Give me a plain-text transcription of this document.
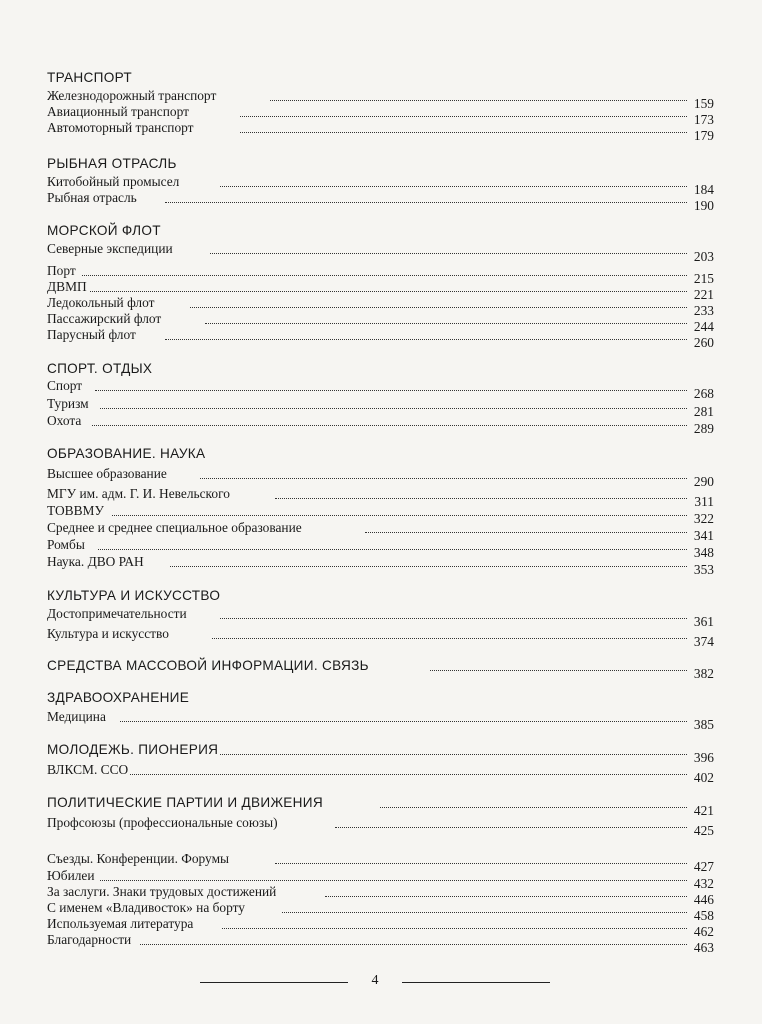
ТРАНСПОРТ
Железнодорожный транспорт
159
Авиационный транспорт
173
Автомоторный транспорт
179
РЫБНАЯ ОТРАСЛЬ
Китобойный промысел
184
Рыбная отрасль
190
МОРСКОЙ ФЛОТ
Северные экспедиции
203
Порт
215
ДВМП
221
Ледокольный флот
233
Пассажирский флот
244
Парусный флот
260
СПОРТ. ОТДЫХ
Спорт
268
Туризм
281
Охота
289
ОБРАЗОВАНИЕ. НАУКА
Высшее образование
290
МГУ им. адм. Г. И. Невельского
311
ТОВВМУ
322
Среднее и среднее специальное образование
341
Ромбы
348
Наука. ДВО РАН
353
КУЛЬТУРА И ИСКУССТВО
Достопримечательности
361
Культура и искусство
374
СРЕДСТВА МАССОВОЙ ИНФОРМАЦИИ. СВЯЗЬ
382
ЗДРАВООХРАНЕНИЕ
Медицина
385
МОЛОДЕЖЬ. ПИОНЕРИЯ
396
ВЛКСМ. ССО
402
ПОЛИТИЧЕСКИЕ ПАРТИИ И ДВИЖЕНИЯ
421
Профсоюзы (профессиональные союзы)
425
Съезды. Конференции. Форумы
427
Юбилеи
432
За заслуги. Знаки трудовых достижений
446
С именем «Владивосток» на борту
458
Используемая литература
462
Благодарности
463
4
